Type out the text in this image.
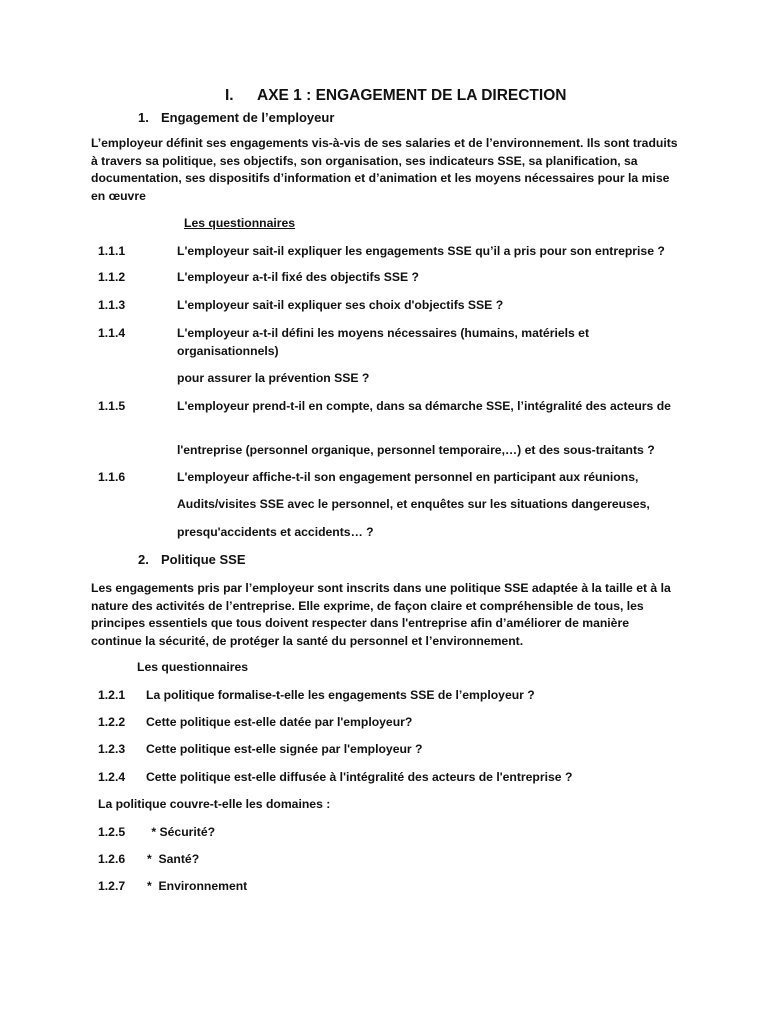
I. AXE 1 : ENGAGEMENT DE LA DIRECTION
1. Engagement de l’employeur

L’employeur définit ses engagements vis-à-vis de ses salaries et de l’environnement. Ils sont traduits à travers sa politique, ses objectifs, son organisation, ses indicateurs SSE, sa planification, sa documentation, ses dispositifs d’information et d’animation et les moyens nécessaires pour la mise en œuvre

Les questionnaires
1.1.1	L'employeur sait-il expliquer les engagements SSE qu’il a pris pour son entreprise ?
1.1.2	L'employeur a-t-il fixé des objectifs SSE ?
1.1.3	L'employeur sait-il expliquer ses choix d'objectifs SSE ?
1.1.4	L'employeur a-t-il défini les moyens nécessaires (humains, matériels et organisationnels)
pour assurer la prévention SSE ?
1.1.5	L'employeur prend-t-il en compte, dans sa démarche SSE, l’intégralité des acteurs de
l'entreprise (personnel organique, personnel temporaire,…) et des sous-traitants ?
1.1.6	L'employeur affiche-t-il son engagement personnel en participant aux réunions,
Audits/visites SSE avec le personnel, et enquêtes sur les situations dangereuses,
presqu'accidents et accidents… ?
2. Politique SSE

Les engagements pris par l’employeur sont inscrits dans une politique SSE adaptée à la taille et à la nature des activités de l’entreprise. Elle exprime, de façon claire et compréhensible de tous, les principes essentiels que tous doivent respecter dans l'entreprise afin d’améliorer de manière continue la sécurité, de protéger la santé du personnel et l’environnement.

Les questionnaires
1.2.1 La politique formalise-t-elle les engagements SSE de l’employeur ?
1.2.2 Cette politique est-elle datée par l'employeur?
1.2.3 Cette politique est-elle signée par l'employeur ?
1.2.4 Cette politique est-elle diffusée à l'intégralité des acteurs de l'entreprise ?
La politique couvre-t-elle les domaines :
1.2.5 * Sécurité?
1.2.6 *  Santé?
1.2.7 *  Environnement
